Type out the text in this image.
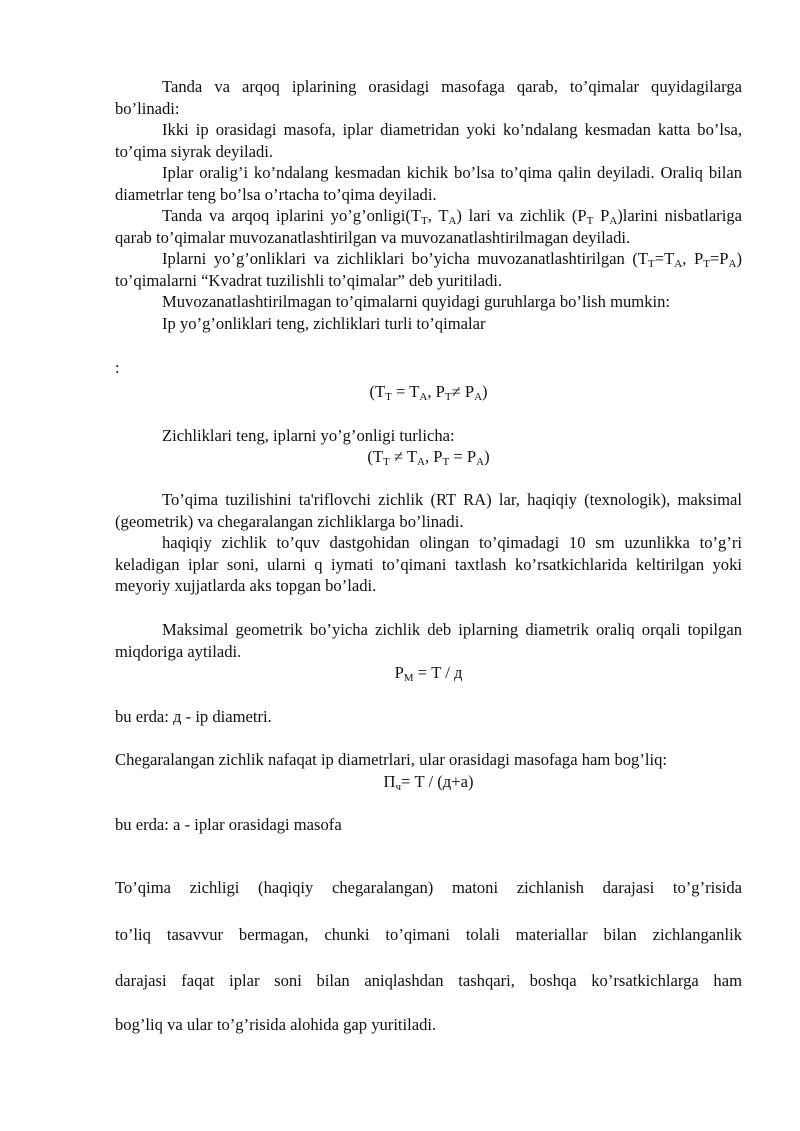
Tanda va arqoq iplarining orasidagi masofaga qarab, to’qimalar quyidagilarga bo’linadi:

Ikki ip orasidagi masofa, iplar diametridan yoki ko’ndalang kesmadan katta bo’lsa, to’qima siyrak deyiladi.

Iplar oralig’i ko’ndalang kesmadan kichik bo’lsa to’qima qalin deyiladi. Oraliq bilan diametrlar teng bo’lsa o’rtacha to’qima deyiladi.

Tanda va arqoq iplarini $yo’g’onligi(T_T$, $T_A$) lari va zichlik ($P_T$ $P_A)larini$ nisbatlariga qarab to’qimalar muvozanatlashtirilgan va muvozanatlashtirilmagan deyiladi.

Iplarni yo’g’onliklari va zichliklari bo’yicha muvozanatlashtirilgan ($T_T=T_A$, $P_T=P_A$) to’qimalarni “Kvadrat tuzilishli to’qimalar” deb yuritiladi.

Muvozanatlashtirilmagan to’qimalarni quyidagi guruhlarga bo’lish mumkin:

Ip yo’g’onliklari teng, zichliklari turli to’qimalar

:
($T_T = T_A$, $P_T\ne P_A$)

Zichliklari teng, iplarni yo’g’onligi turlicha:

($T_T \ne T_A$, $P_T = P_A$)

To’qima tuzilishini ta'riflovchi zichlik (RT RA) lar, haqiqiy (texnologik), maksimal (geometrik) va chegaralangan zichliklarga bo’linadi.

haqiqiy zichlik to’quv dastgohidan olingan to’qimadagi 10 sm uzunlikka to’g’ri keladigan iplar soni, ularni q iymati to’qimani taxtlash ko’rsatkichlarida keltirilgan yoki meyoriy xujjatlarda aks topgan bo’ladi.

Maksimal geometrik bo’yicha zichlik deb iplarning diametrik oraliq orqali topilgan miqdoriga aytiladi.

$P_М = T / д$
bu erda: д - ip diametri.
Chegaralangan zichlik nafaqat ip diametrlari, ular orasidagi masofaga ham bog’liq:
$П_ч= T / (д+a)$
bu erda: a - iplar orasidagi masofa
To’qima zichligi (haqiqiy chegaralangan) matoni zichlanish darajasi to’g’risida
to’liq tasavvur bermagan, chunki to’qimani tolali materiallar bilan zichlanganlik
darajasi faqat iplar soni bilan aniqlashdan tashqari, boshqa ko’rsatkichlarga ham
bog’liq va ular to’g’risida alohida gap yuritiladi.
